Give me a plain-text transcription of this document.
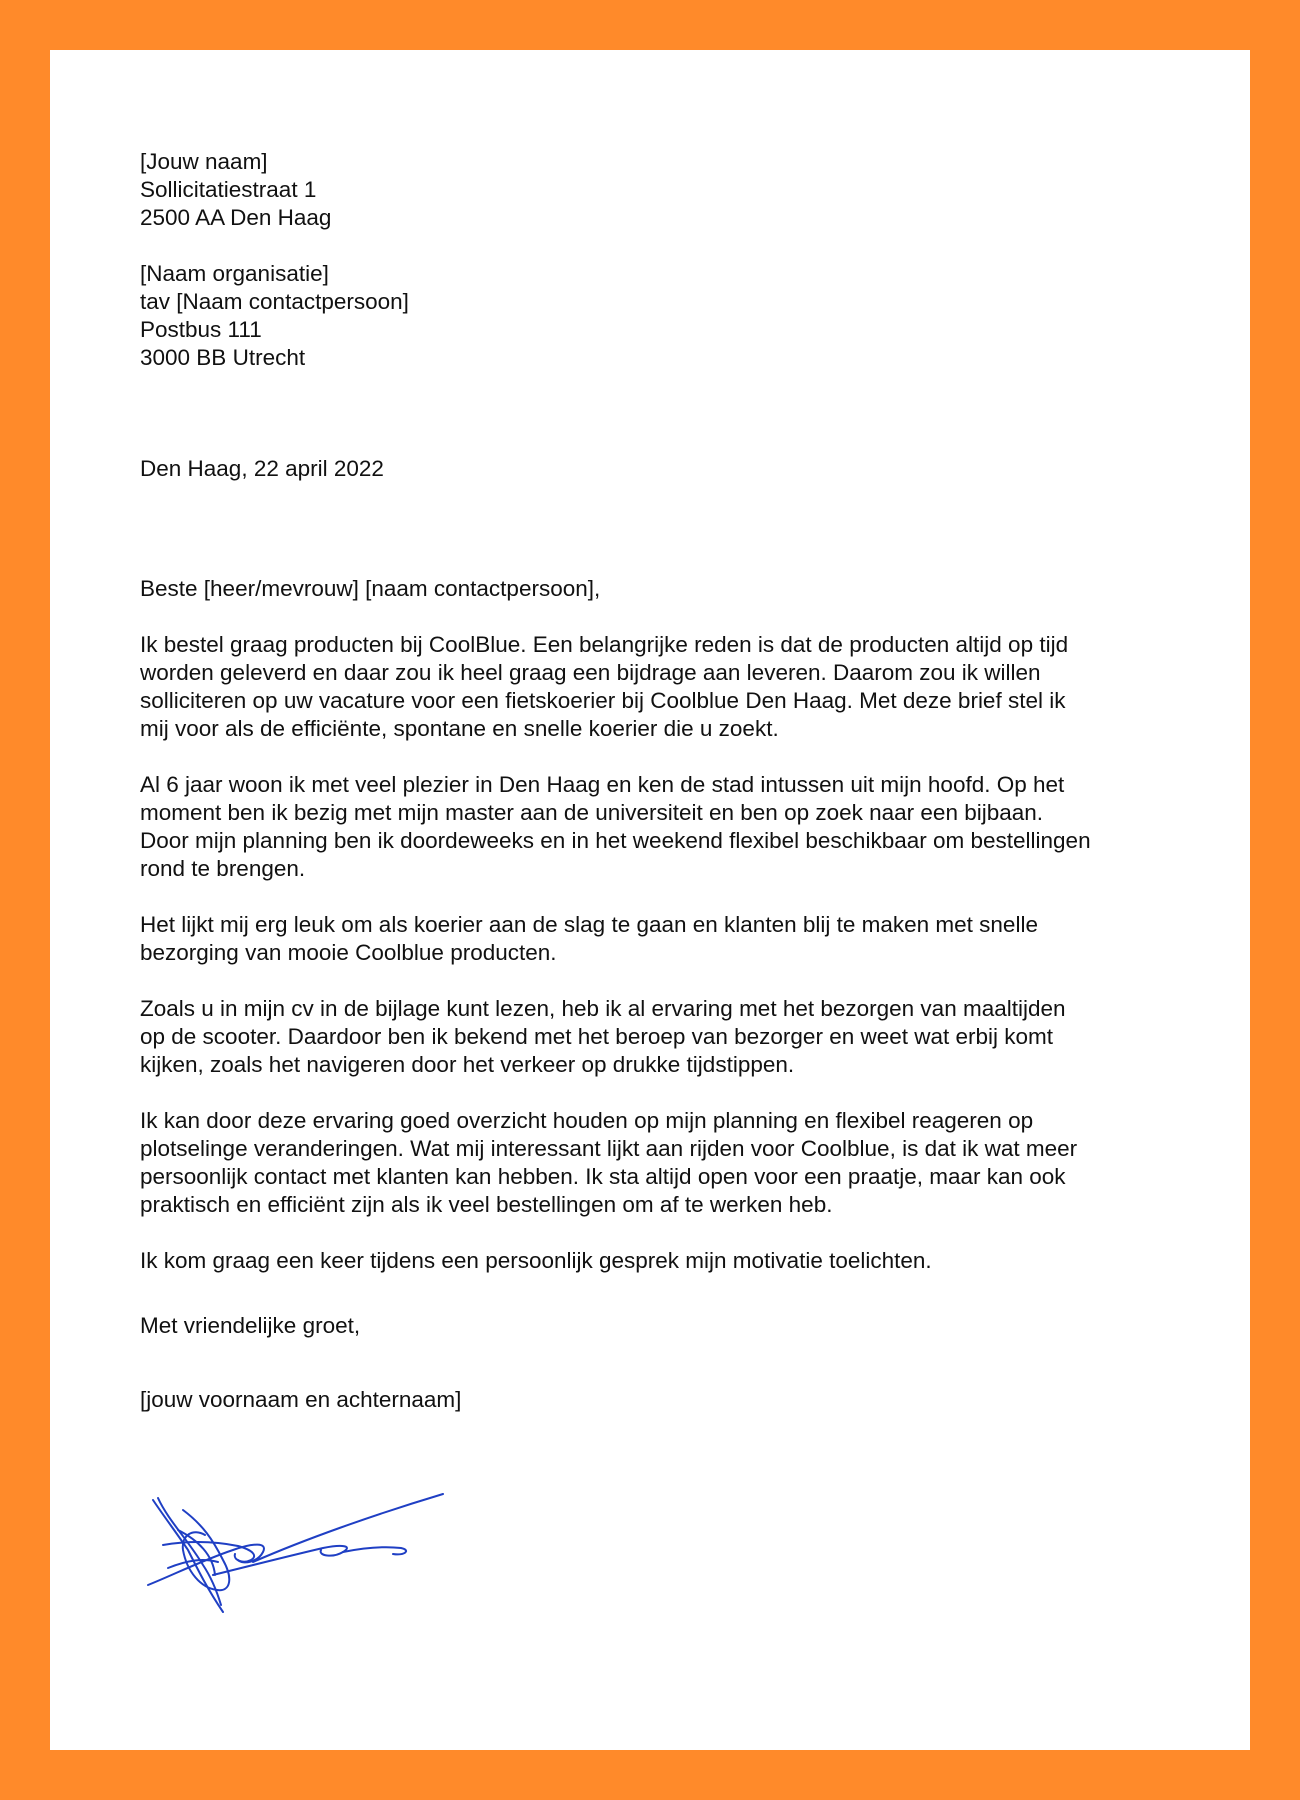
[Jouw naam]
Sollicitatiestraat 1
2500 AA Den Haag
[Naam organisatie]
tav [Naam contactpersoon]
Postbus 111
3000 BB Utrecht
Den Haag, 22 april 2022
Beste [heer/mevrouw] [naam contactpersoon],
Ik bestel graag producten bij CoolBlue. Een belangrijke reden is dat de producten altijd op tijd
worden geleverd en daar zou ik heel graag een bijdrage aan leveren. Daarom zou ik willen
solliciteren op uw vacature voor een fietskoerier bij Coolblue Den Haag. Met deze brief stel ik
mij voor als de efficiënte, spontane en snelle koerier die u zoekt.
Al 6 jaar woon ik met veel plezier in Den Haag en ken de stad intussen uit mijn hoofd. Op het
moment ben ik bezig met mijn master aan de universiteit en ben op zoek naar een bijbaan.
Door mijn planning ben ik doordeweeks en in het weekend flexibel beschikbaar om bestellingen
rond te brengen.
Het lijkt mij erg leuk om als koerier aan de slag te gaan en klanten blij te maken met snelle
bezorging van mooie Coolblue producten.
Zoals u in mijn cv in de bijlage kunt lezen, heb ik al ervaring met het bezorgen van maaltijden
op de scooter. Daardoor ben ik bekend met het beroep van bezorger en weet wat erbij komt
kijken, zoals het navigeren door het verkeer op drukke tijdstippen.
Ik kan door deze ervaring goed overzicht houden op mijn planning en flexibel reageren op
plotselinge veranderingen. Wat mij interessant lijkt aan rijden voor Coolblue, is dat ik wat meer
persoonlijk contact met klanten kan hebben. Ik sta altijd open voor een praatje, maar kan ook
praktisch en efficiënt zijn als ik veel bestellingen om af te werken heb.
Ik kom graag een keer tijdens een persoonlijk gesprek mijn motivatie toelichten.
Met vriendelijke groet,
[jouw voornaam en achternaam]
